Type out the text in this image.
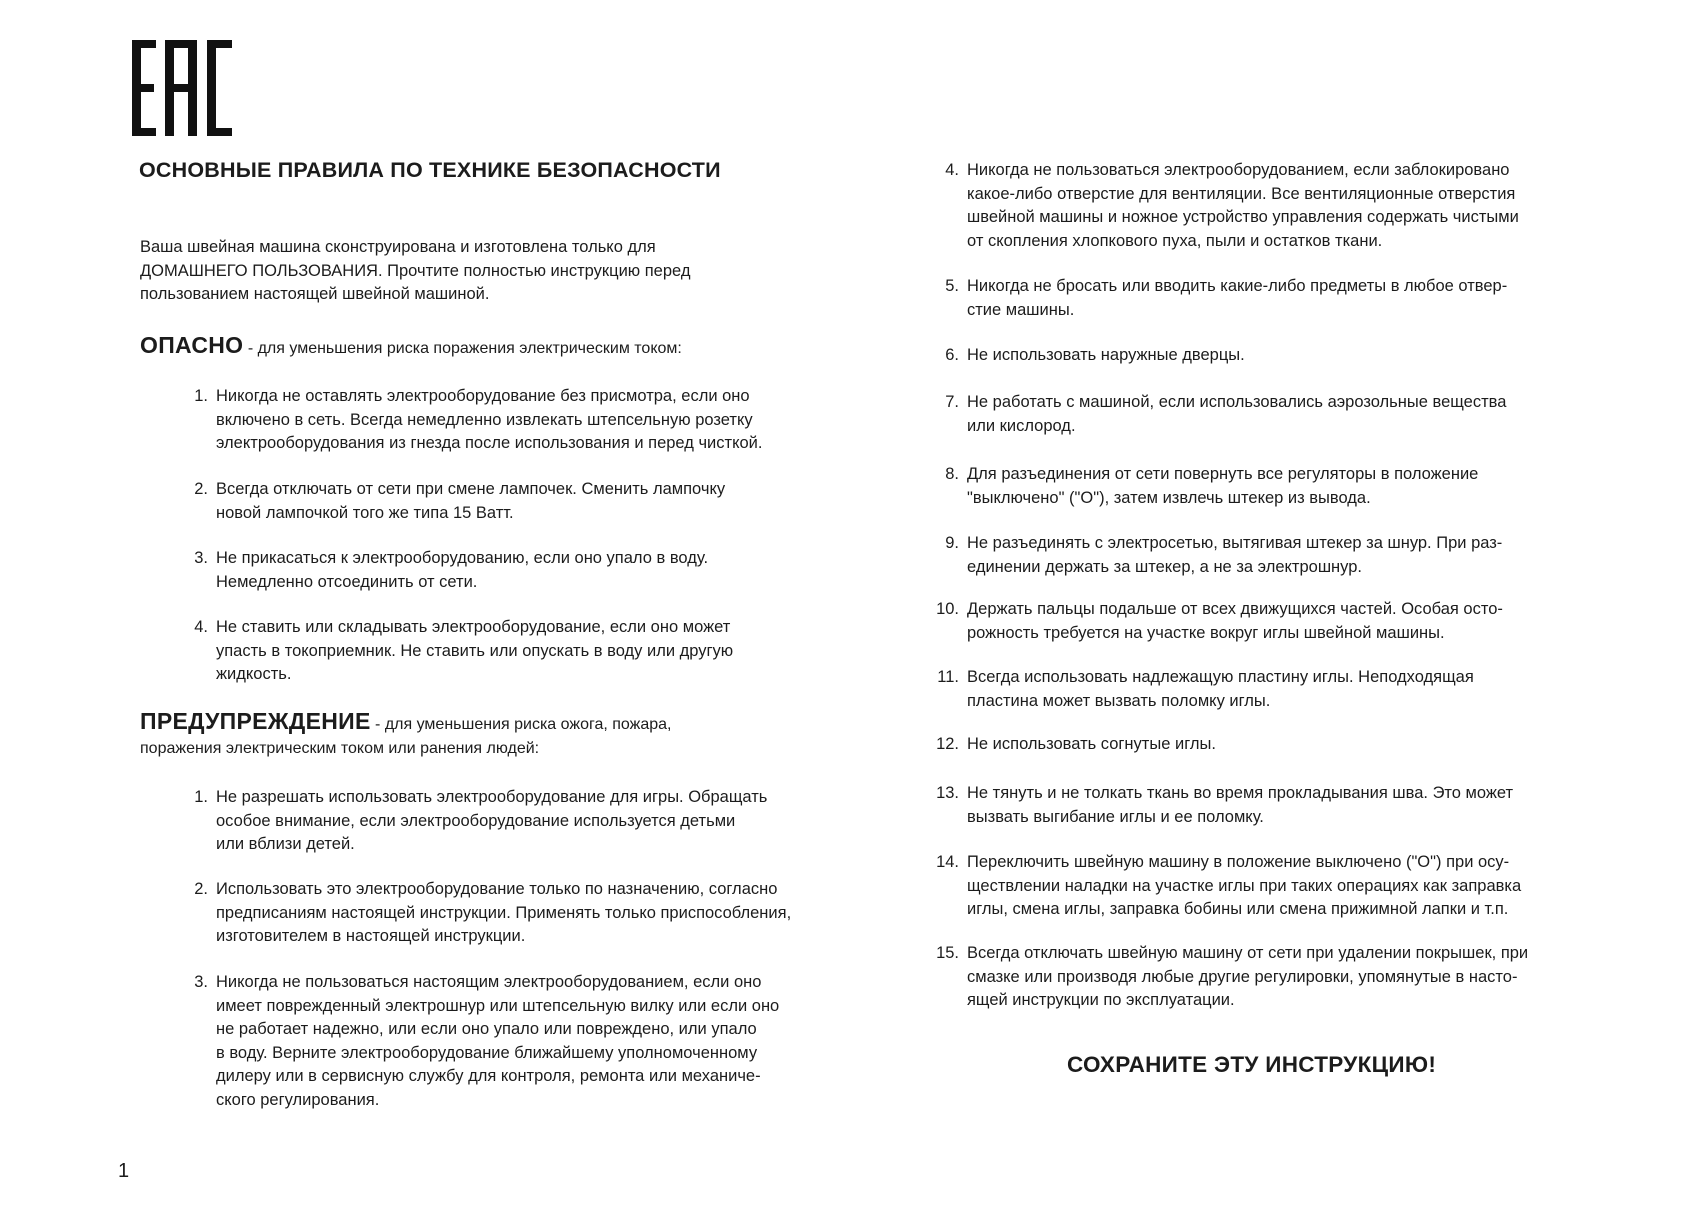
ОСНОВНЫЕ ПРАВИЛА ПО ТЕХНИКЕ БЕЗОПАСНОСТИ

Ваша швейная машина сконструирована и изготовлена только для
ДОМАШНЕГО ПОЛЬЗОВАНИЯ. Прочтите полностью инструкцию перед
пользованием настоящей швейной машиной.

ОПАСНО - для уменьшения риска поражения электрическим током:

1. Никогда не оставлять электрооборудование без присмотра, если оно
включено в сеть. Всегда немедленно извлекать штепсельную розетку
электрооборудования из гнезда после использования и перед чисткой.
2. Всегда отключать от сети при смене лампочек. Сменить лампочку
новой лампочкой того же типа 15 Ватт.
3. Не прикасаться к электрооборудованию, если оно упало в воду.
Немедленно отсоединить от сети.
4. Не ставить или складывать электрооборудование, если оно может
упасть в токоприемник. Не ставить или опускать в воду или другую
жидкость.

ПРЕДУПРЕЖДЕНИЕ - для уменьшения риска ожога, пожара,
поражения электрическим током или ранения людей:

1. Не разрешать использовать электрооборудование для игры. Обращать
особое внимание, если электрооборудование используется детьми
или вблизи детей.
2. Использовать это электрооборудование только по назначению, согласно
предписаниям настоящей инструкции. Применять только приспособления,
изготовителем в настоящей инструкции.
3. Никогда не пользоваться настоящим электрооборудованием, если оно
имеет поврежденный электрошнур или штепсельную вилку или если оно
не работает надежно, или если оно упало или повреждено, или упало
в воду. Верните электрооборудование ближайшему уполномоченному
дилеру или в сервисную службу для контроля, ремонта или механиче-
ского регулирования.
4. Никогда не пользоваться электрооборудованием, если заблокировано
какое-либо отверстие для вентиляции. Все вентиляционные отверстия
швейной машины и ножное устройство управления содержать чистыми
от скопления хлопкового пуха, пыли и остатков ткани.
5. Никогда не бросать или вводить какие-либо предметы в любое отвер-
стие машины.
6. Не использовать наружные дверцы.
7. Не работать с машиной, если использовались аэрозольные вещества
или кислород.
8. Для разъединения от сети повернуть все регуляторы в положение
"выключено" ("О"), затем извлечь штекер из вывода.
9. Не разъединять с электросетью, вытягивая штекер за шнур. При раз-
единении держать за штекер, а не за электрошнур.
10. Держать пальцы подальше от всех движущихся частей. Особая осто-
рожность требуется на участке вокруг иглы швейной машины.
11. Всегда использовать надлежащую пластину иглы. Неподходящая
пластина может вызвать поломку иглы.
12. Не использовать согнутые иглы.
13. Не тянуть и не толкать ткань во время прокладывания шва. Это может
вызвать выгибание иглы и ее поломку.
14. Переключить швейную машину в положение выключено ("О") при осу-
ществлении наладки на участке иглы при таких операциях как заправка
иглы, смена иглы, заправка бобины или смена прижимной лапки и т.п.
15. Всегда отключать швейную машину от сети при удалении покрышек, при
смазке или производя любые другие регулировки, упомянутые в насто-
ящей инструкции по эксплуатации.

СОХРАНИТЕ ЭТУ ИНСТРУКЦИЮ!

1
